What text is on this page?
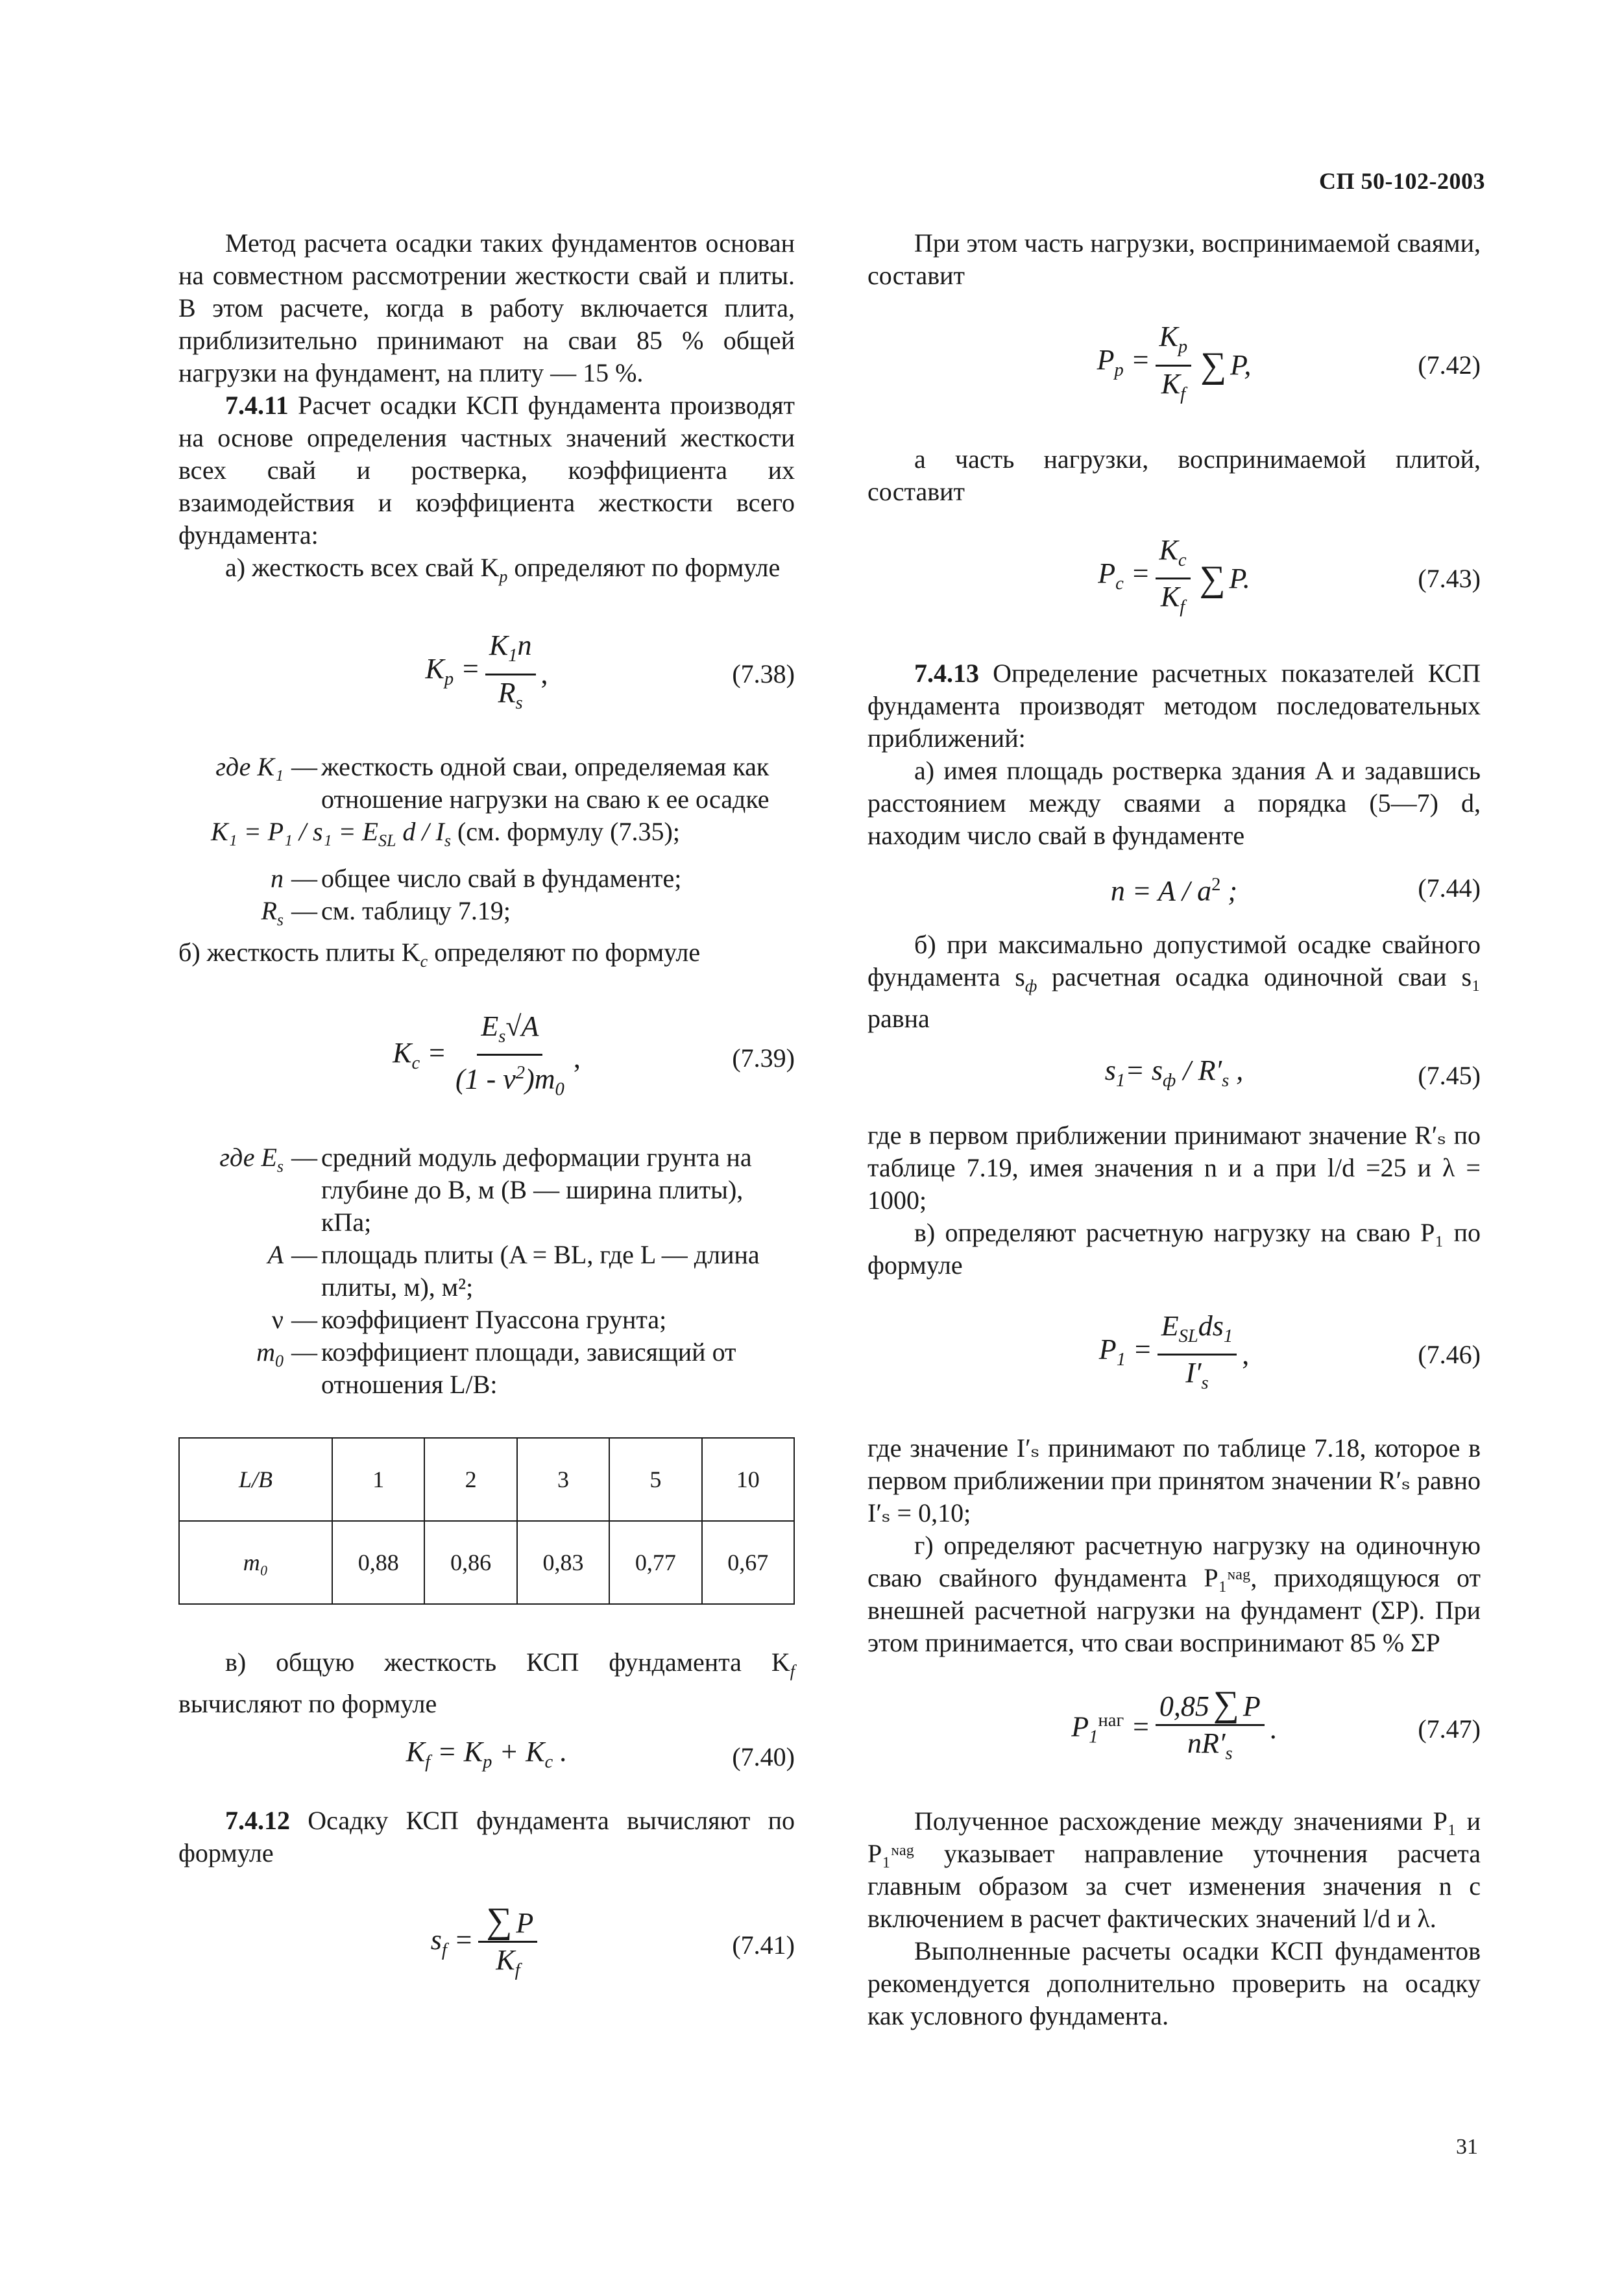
СП 50-102-2003

Метод расчета осадки таких фундаментов основан на совместном рассмотрении жесткости свай и плиты. В этом расчете, когда в работу включается плита, приблизительно принимают на сваи 85 % общей нагрузки на фундамент, на плиту — 15 %.

7.4.11 Расчет осадки КСП фундамента производят на основе определения частных значений жесткости всех свай и ростверка, коэффициента их взаимодействия и коэффициента жесткости всего фундамента:

а) жесткость всех свай $K_p$ определяют по формуле

$K_p = \frac{K_1n}{R_s}$ ,	(7.38)
где K₁ — жесткость одной сваи, определяемая как отношение нагрузки на сваю к ее осадке

$K_1 = P_1 / s_1 = E_{SL}$ d / $I_s$ (см. формулу (7.35);

n — общее число свай в фундаменте;
$R_s$ — см. таблицу 7.19;

б) жесткость плиты $K_c$ определяют по формуле

$K_c = \frac{E_s√A}{(1 - \nu^2)m_0}$ ,	(7.39)
где $E_s$ — средний модуль деформации грунта на глубине до B, м (B — ширина плиты), кПа;
A — площадь плиты (A = BL, где L — длина плиты, м), м²;
ν — коэффициент Пуассона грунта;
$m_0$ — коэффициент площади, зависящий от отношения L/B:
L/B	1	2	3	5	10
m₀	0,88	0,86	0,83	0,77	0,67

в) общую жесткость КСП фундамента $K_f$ вычисляют по формуле

$K_f = K_p + K_c$ .	(7.40)

7.4.12 Осадку КСП фундамента вычисляют по формуле

$s_f = \frac{\sum P}{K_f}$	(7.41)

При этом часть нагрузки, воспринимаемой сваями, составит

$P_p = \frac{K_p}{K_f}$ ∑ P,	(7.42)

а часть нагрузки, воспринимаемой плитой, составит

$P_c = \frac{K_c}{K_f}$ ∑ P.	(7.43)

7.4.13 Определение расчетных показателей КСП фундамента производят методом последовательных приближений:

а) имея площадь ростверка здания A и задавшись расстоянием между сваями a порядка (5—7) d, находим число свай в фундаменте

$n = A / a^2$ ;	(7.44)

б) при максимально допустимой осадке свайного фундамента $s_ф$ расчетная осадка одиночной сваи s₁ равна

$s_1= s_ф / R'_s$ ,	(7.45)

где в первом приближении принимают значение R′ₛ по таблице 7.19, имея значения n и a при l/d =25 и λ = 1000;

в) определяют расчетную нагрузку на сваю P₁ по формуле

$P_1 = \frac{E_{SL}ds_1}{I'_s}$ ,	(7.46)

где значение I′ₛ принимают по таблице 7.18, которое в первом приближении при принятом значении R′ₛ равно I′ₛ = 0,10;

г) определяют расчетную нагрузку на одиночную сваю свайного фундамента P₁ᶰᵃᵍ, приходящуюся от внешней расчетной нагрузки на фундамент (ΣP). При этом принимается, что сваи воспринимают 85 % ΣP

$P_1^{наг} = \frac{0,85 \sum P}{nR'_s}$ .	(7.47)

Полученное расхождение между значениями P₁ и P₁ᶰᵃᵍ указывает направление уточнения расчета главным образом за счет изменения значения n с включением в расчет фактических значений l/d и λ.

Выполненные расчеты осадки КСП фундаментов рекомендуется дополнительно проверить на осадку как условного фундамента.

31
